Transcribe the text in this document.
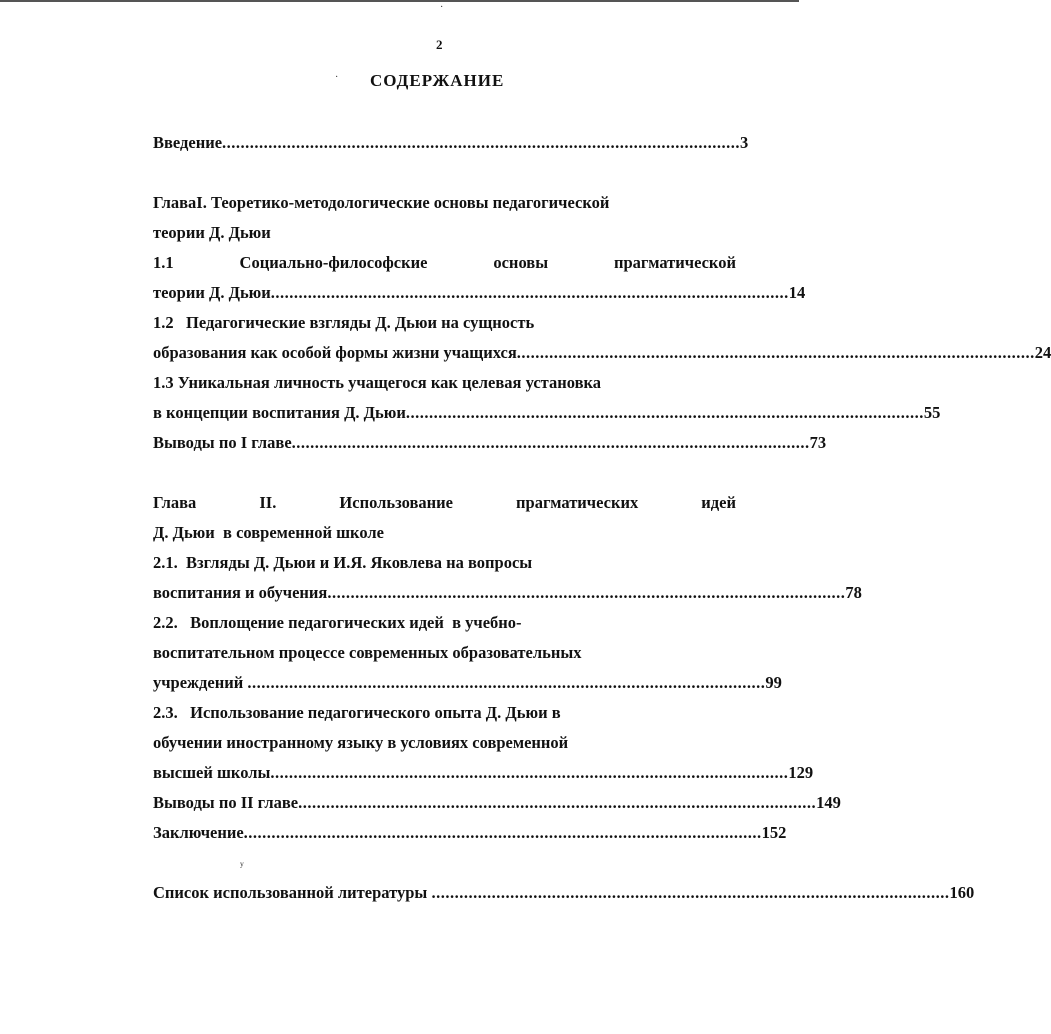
·
·
ʸ
2
СОДЕРЖАНИЕ
Введение ................................................................................................................ 3
ГлаваI. Теоретико-методологические основы педагогической
теории Д. Дьюи
1.1	Социально-философские	основы	прагматической
теории Д. Дьюи ................................................................................................................ 14
1.2   Педагогические взгляды Д. Дьюи на сущность
образования как особой формы жизни учащихся ................................................................................................................ 24
1.3 Уникальная личность учащегося как целевая установка
в концепции воспитания Д. Дьюи ................................................................................................................ 55
Выводы по I главе ................................................................................................................ 73
Глава	II.	Использование	прагматических	идей
Д. Дьюи  в современной школе
2.1.  Взгляды Д. Дьюи и И.Я. Яковлева на вопросы
воспитания и обучения ................................................................................................................ 78
2.2.   Воплощение педагогических идей  в учебно-
воспитательном процессе современных образовательных
учреждений ................................................................................................................ 99
2.3.   Использование педагогического опыта Д. Дьюи в
обучении иностранному языку в условиях современной
высшей школы ................................................................................................................ 129
Выводы по II главе ................................................................................................................ 149
Заключение ................................................................................................................ 152
Список использованной литературы ................................................................................................................ 160
